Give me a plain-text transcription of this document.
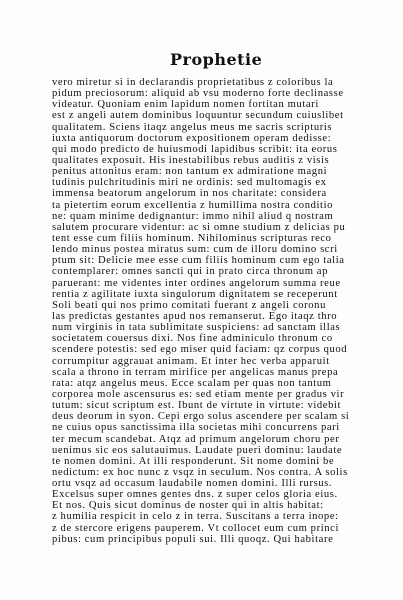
Prophetie
vero miretur si in declarandis proprietatibus z coloribus la
pidum preciosorum: aliquid ab vsu moderno forte declinasse
videatur. Quoniam enim lapidum nomen fortitan mutari
est z angeli autem dominibus loquuntur secundum cuiuslibet
qualitatem. Sciens itaqz angelus meus me sacris scripturis
iuxta antiquorum doctorum expositionem operam dedisse:
qui modo predicto de huiusmodi lapidibus scribit: ita eorus
qualitates exposuit. His inestabilibus rebus auditis z visis
penitus attonitus eram: non tantum ex admiratione magni
tudinis pulchritudinis miri ne ordinis: sed multomagis ex
immensa beatorum angelorum in nos charitate: considera
ta pietertim eorum excellentia z humillima nostra conditio
ne: quam minime dedignantur: immo nihil aliud q nostram
salutem procurare videntur: ac si omne studium z delicias pu
tent esse cum filiis hominum. Nihilominus scripturas reco
lendo minus postea miratus sum: cum de illoru domino scri
ptum sit: Delicie mee esse cum filiis hominum cum ego talia
contemplarer: omnes sancti qui in prato circa thronum ap
paruerant: me videntes inter ordines angelorum summa reue
rentia z agilitate iuxta singulorum dignitatem se receperunt
Soli beati qui nos primo comitati fuerant z angeli coronu
las predictas gestantes apud nos remanserut. Ego itaqz thro
num virginis in tata sublimitate suspiciens: ad sanctam illas
societatem couersus dixi. Nos fine adminiculo thronum co
scendere potestis: sed ego miser quid faciam: qz corpus quod
corrumpitur aggrauat animam. Et inter hec verba apparuit
scala a throno in terram mirifice per angelicas manus prepa
rata: atqz angelus meus. Ecce scalam per quas non tantum
corporea mole ascensurus es: sed etiam mente per gradus vir
tutum: sicut scriptum est. Ibunt de virtute in virtute: videbit
deus deorum in syon. Cepi ergo solus ascendere per scalam si
ne cuius opus sanctissima illa societas mihi concurrens pari
ter mecum scandebat. Atqz ad primum angelorum choru per
uenimus sic eos salutauimus. Laudate pueri dominu: laudate
te nomen domini. At illi responderunt. Sit nome domini be
nedictum: ex hoc nunc z vsqz in seculum. Nos contra. A solis
ortu vsqz ad occasum laudabile nomen domini. Illi rursus.
Excelsus super omnes gentes dns. z super celos gloria eius.
Et nos. Quis sicut dominus de noster qui in altis habitat:
z humilia respicit in celo z in terra. Suscitans a terra inope:
z de stercore erigens pauperem. Vt collocet eum cum princi
pibus: cum principibus populi sui. Illi quoqz. Qui habitare
